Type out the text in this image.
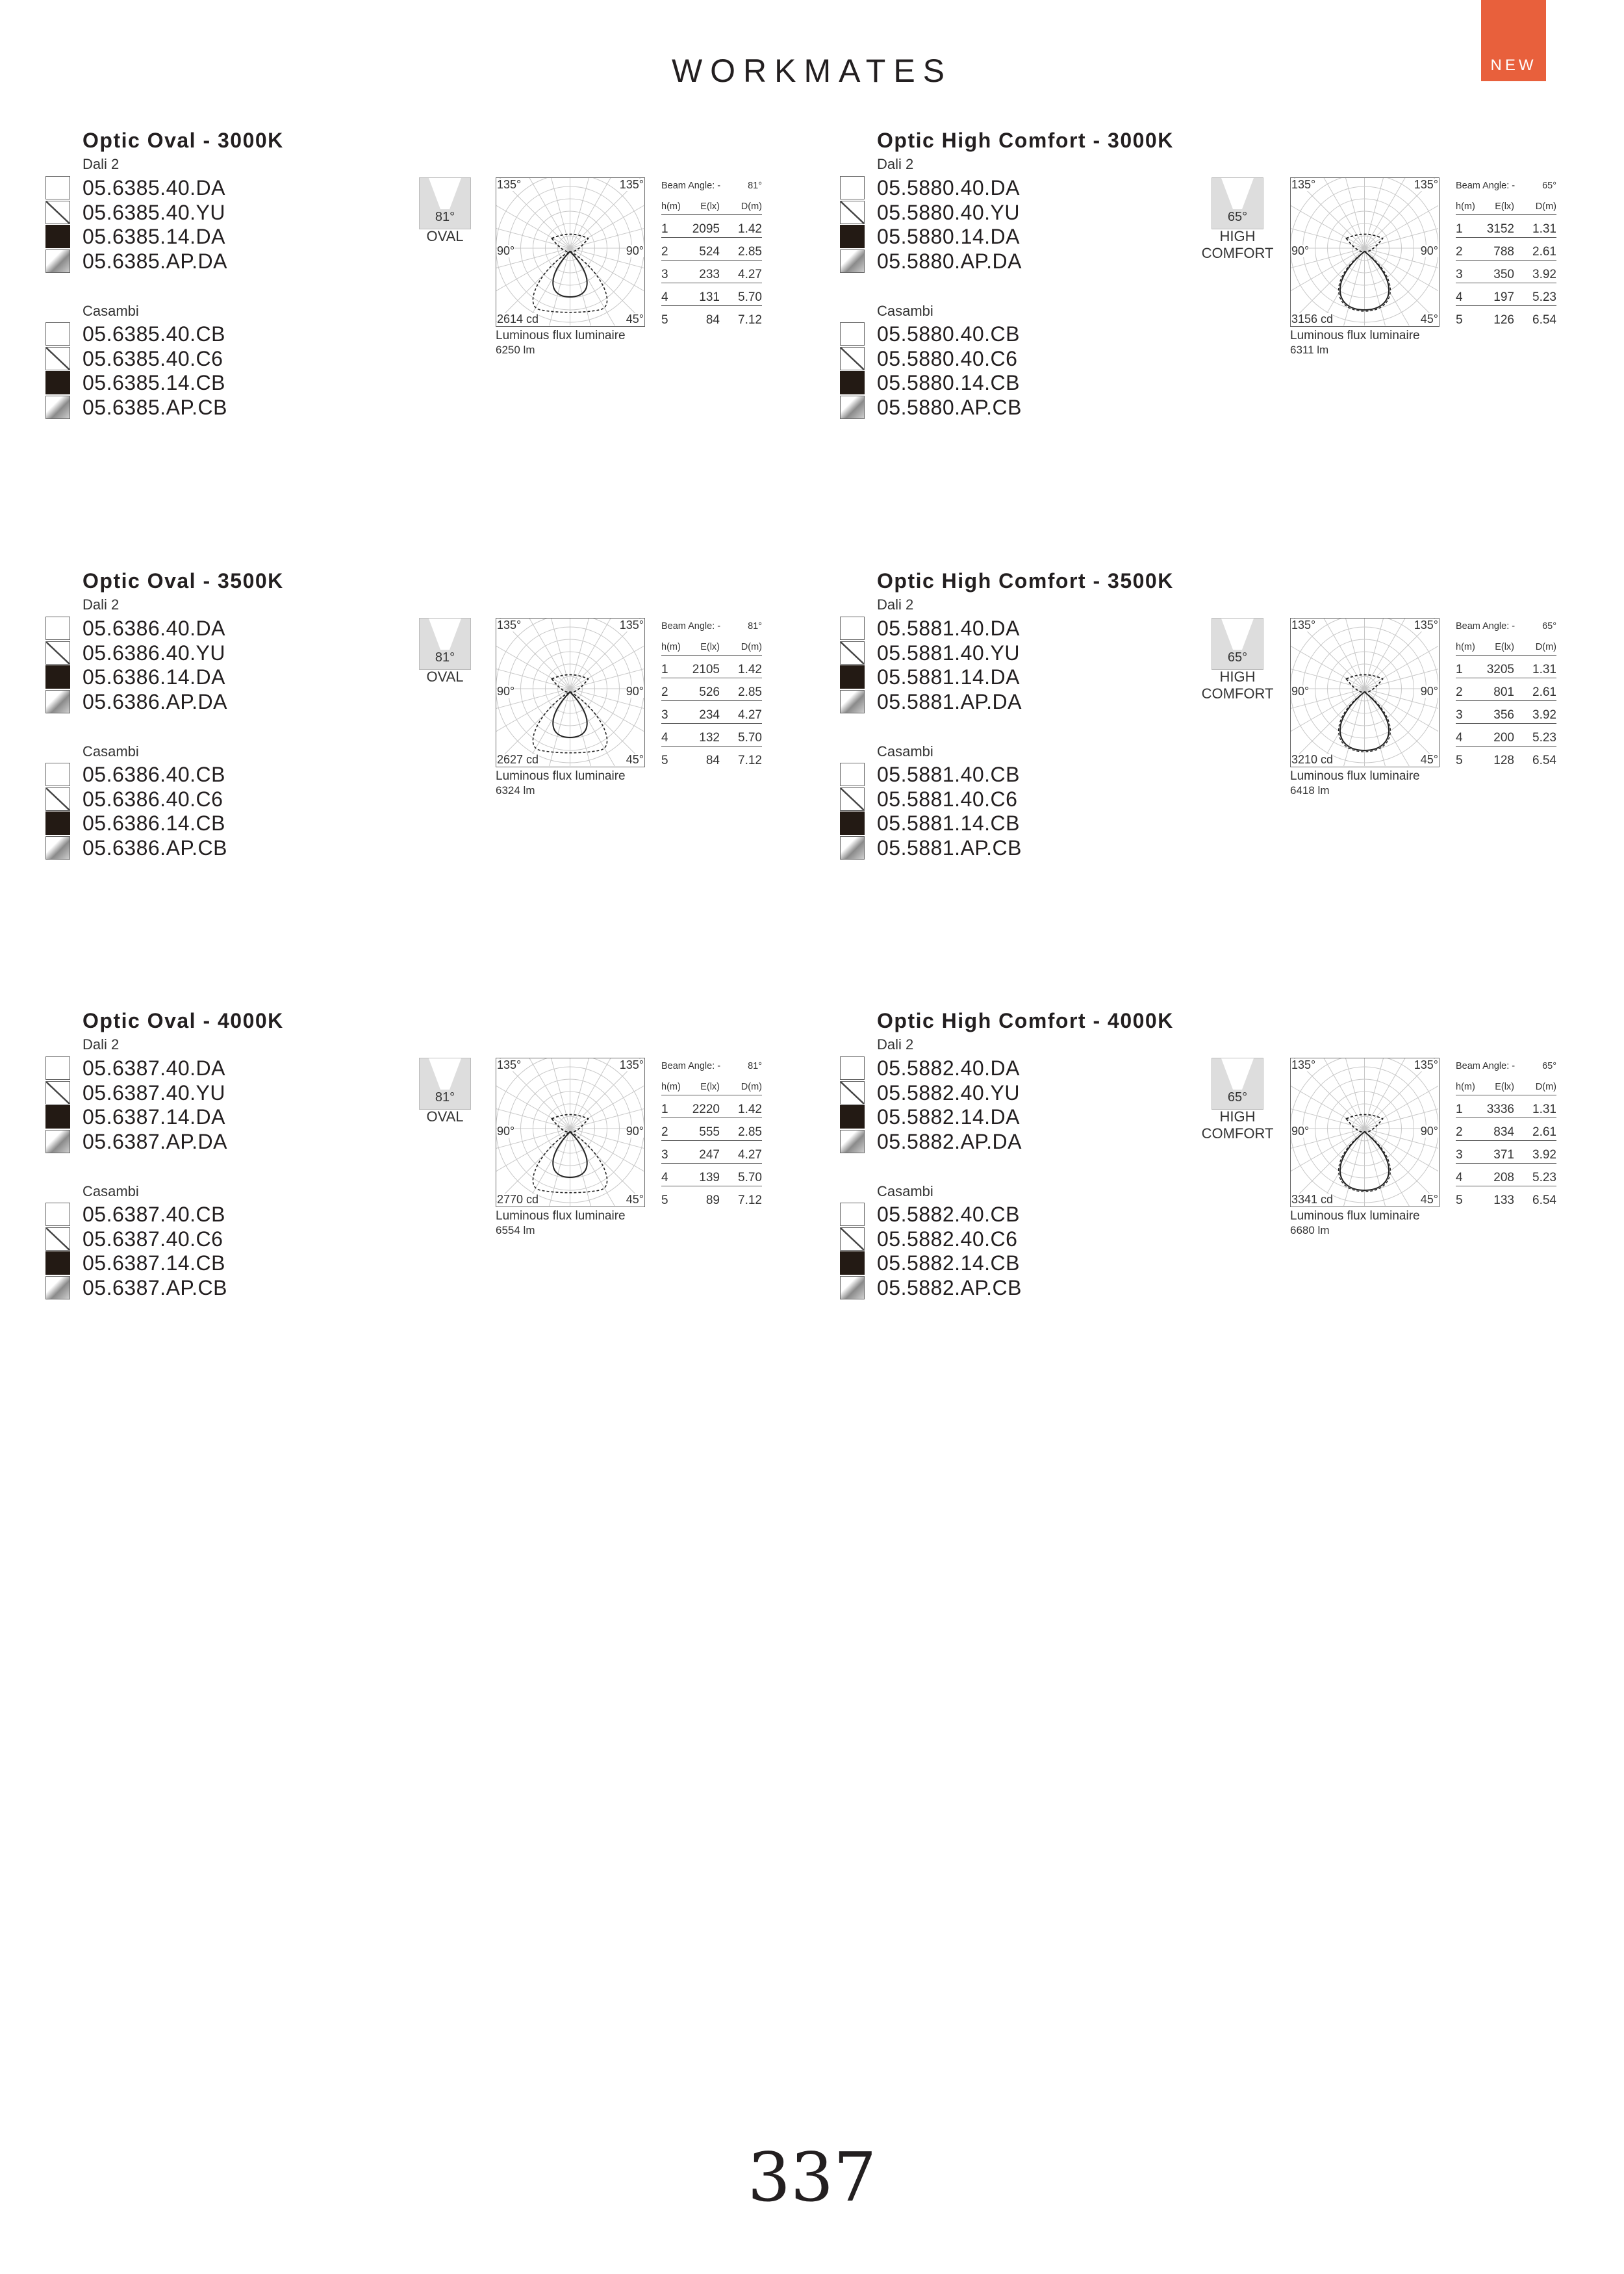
WORKMATES	NEW
Optic Oval - 3000K
Dali 2
05.6385.40.DA
05.6385.40.YU
05.6385.14.DA
05.6385.AP.DA
Casambi
05.6385.40.CB
05.6385.40.C6
05.6385.14.CB
05.6385.AP.CB
81°
OVAL
135°	135°
90°	90°
2614 cd	45°
Luminous flux luminaire
6250 lm
Beam Angle: -	81°
h(m) E(lx) D(m)
1 2095 1.42
2	524 2.85
3	233 4.27
4	131 5.70
5	84 7.12
Optic High Comfort - 3000K
Dali 2
05.5880.40.DA
05.5880.40.YU
05.5880.14.DA
05.5880.AP.DA
Casambi
05.5880.40.CB
05.5880.40.C6
05.5880.14.CB
05.5880.AP.CB
65°
HIGH
COMFORT
135°	135°
90°	90°
3156 cd	45°
Luminous flux luminaire
6311 lm
Beam Angle: -	65°
h(m) E(lx) D(m)
1 3152 1.31
2	788 2.61
3	350 3.92
4	197 5.23
5	126 6.54
Optic Oval - 3500K
Dali 2
05.6386.40.DA
05.6386.40.YU
05.6386.14.DA
05.6386.AP.DA
Casambi
05.6386.40.CB
05.6386.40.C6
05.6386.14.CB
05.6386.AP.CB
81°
OVAL
135°	135°
90°	90°
2627 cd	45°
Luminous flux luminaire
6324 lm
Beam Angle: -	81°
h(m) E(lx) D(m)
1 2105 1.42
2	526 2.85
3	234 4.27
4	132 5.70
5	84 7.12
Optic High Comfort - 3500K
Dali 2
05.5881.40.DA
05.5881.40.YU
05.5881.14.DA
05.5881.AP.DA
Casambi
05.5881.40.CB
05.5881.40.C6
05.5881.14.CB
05.5881.AP.CB
65°
HIGH
COMFORT
135°	135°
90°	90°
3210 cd	45°
Luminous flux luminaire
6418 lm
Beam Angle: -	65°
h(m) E(lx) D(m)
1 3205 1.31
2	801 2.61
3	356 3.92
4	200 5.23
5	128 6.54
Optic Oval - 4000K
Dali 2
05.6387.40.DA
05.6387.40.YU
05.6387.14.DA
05.6387.AP.DA
Casambi
05.6387.40.CB
05.6387.40.C6
05.6387.14.CB
05.6387.AP.CB
81°
OVAL
135°	135°
90°	90°
2770 cd	45°
Luminous flux luminaire
6554 lm
Beam Angle: -	81°
h(m) E(lx) D(m)
1 2220 1.42
2	555 2.85
3	247 4.27
4	139 5.70
5	89 7.12
Optic High Comfort - 4000K
Dali 2
05.5882.40.DA
05.5882.40.YU
05.5882.14.DA
05.5882.AP.DA
Casambi
05.5882.40.CB
05.5882.40.C6
05.5882.14.CB
05.5882.AP.CB
65°
HIGH
COMFORT
135°	135°
90°	90°
3341 cd	45°
Luminous flux luminaire
6680 lm
Beam Angle: -	65°
h(m) E(lx) D(m)
1 3336 1.31
2	834 2.61
3	371 3.92
4	208 5.23
5	133 6.54
337
